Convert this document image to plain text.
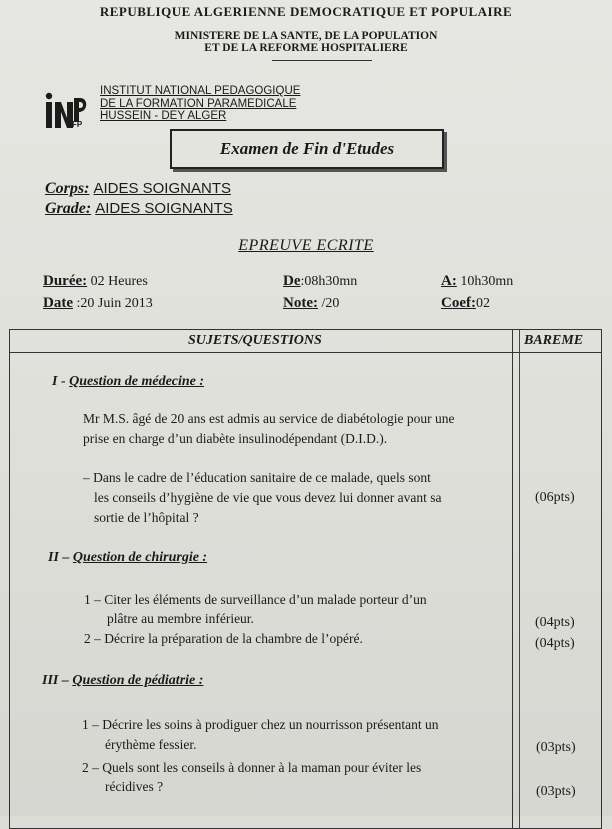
REPUBLIQUE ALGERIENNE DEMOCRATIQUE ET POPULAIRE
MINISTERE DE LA SANTE, DE LA POPULATION
ET DE LA REFORME HOSPITALIERE
FP
INSTITUT NATIONAL PEDAGOGIQUE
DE LA FORMATION PARAMEDICALE
HUSSEIN - DEY ALGER
Examen de Fin d'Etudes
Corps: AIDES SOIGNANTS
Grade: AIDES SOIGNANTS
EPREUVE ECRITE
Durée: 02 Heures	De:08h30mn	A: 10h30mn
Date :20 Juin 2013	Note: /20	Coef:02
SUJETS/QUESTIONS	BAREME
I - Question de médecine :
Mr M.S. âgé de 20 ans est admis au service de diabétologie pour une
prise en charge d’un diabète insulinodépendant (D.I.D.).
– Dans le cadre de l’éducation sanitaire de ce malade, quels sont
les conseils d’hygiène de vie que vous devez lui donner avant sa
sortie de l’hôpital ?
(06pts)
II – Question de chirurgie :
1 – Citer les éléments de surveillance d’un malade porteur d’un
plâtre au membre inférieur.	(04pts)
2 – Décrire la préparation de la chambre de l’opéré.	(04pts)
III – Question de pédiatrie :
1 – Décrire les soins à prodiguer chez un nourrisson présentant un
érythème fessier.	(03pts)
2 – Quels sont les conseils à donner à la maman pour éviter les
récidives ?	(03pts)
